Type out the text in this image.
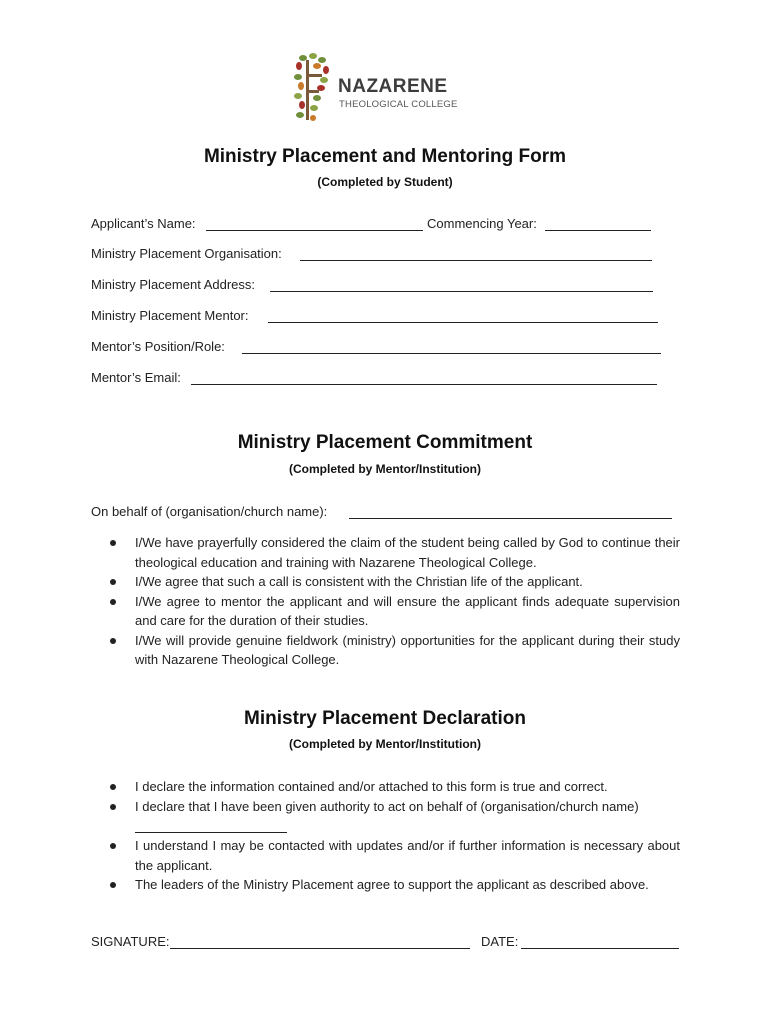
NAZARENE
THEOLOGICAL COLLEGE
Ministry Placement and Mentoring Form
(Completed by Student)
Applicant’s Name:	Commencing Year:
Ministry Placement Organisation:
Ministry Placement Address:
Ministry Placement Mentor:
Mentor’s Position/Role:
Mentor’s Email:
Ministry Placement Commitment
(Completed by Mentor/Institution)
On behalf of (organisation/church name):

I/We have prayerfully considered the claim of the student being called by God to continue their theological education and training with Nazarene Theological College.

I/We agree that such a call is consistent with the Christian life of the applicant.

I/We agree to mentor the applicant and will ensure the applicant finds adequate supervision and care for the duration of their studies.

I/We will provide genuine fieldwork (ministry) opportunities for the applicant during their study with Nazarene Theological College.

Ministry Placement Declaration
(Completed by Mentor/Institution)

I declare the information contained and/or attached to this form is true and correct.

I declare that I have been given authority to act on behalf of (organisation/church name)

I understand I may be contacted with updates and/or if further information is necessary about the applicant.

The leaders of the Ministry Placement agree to support the applicant as described above.

SIGNATURE:	DATE:
